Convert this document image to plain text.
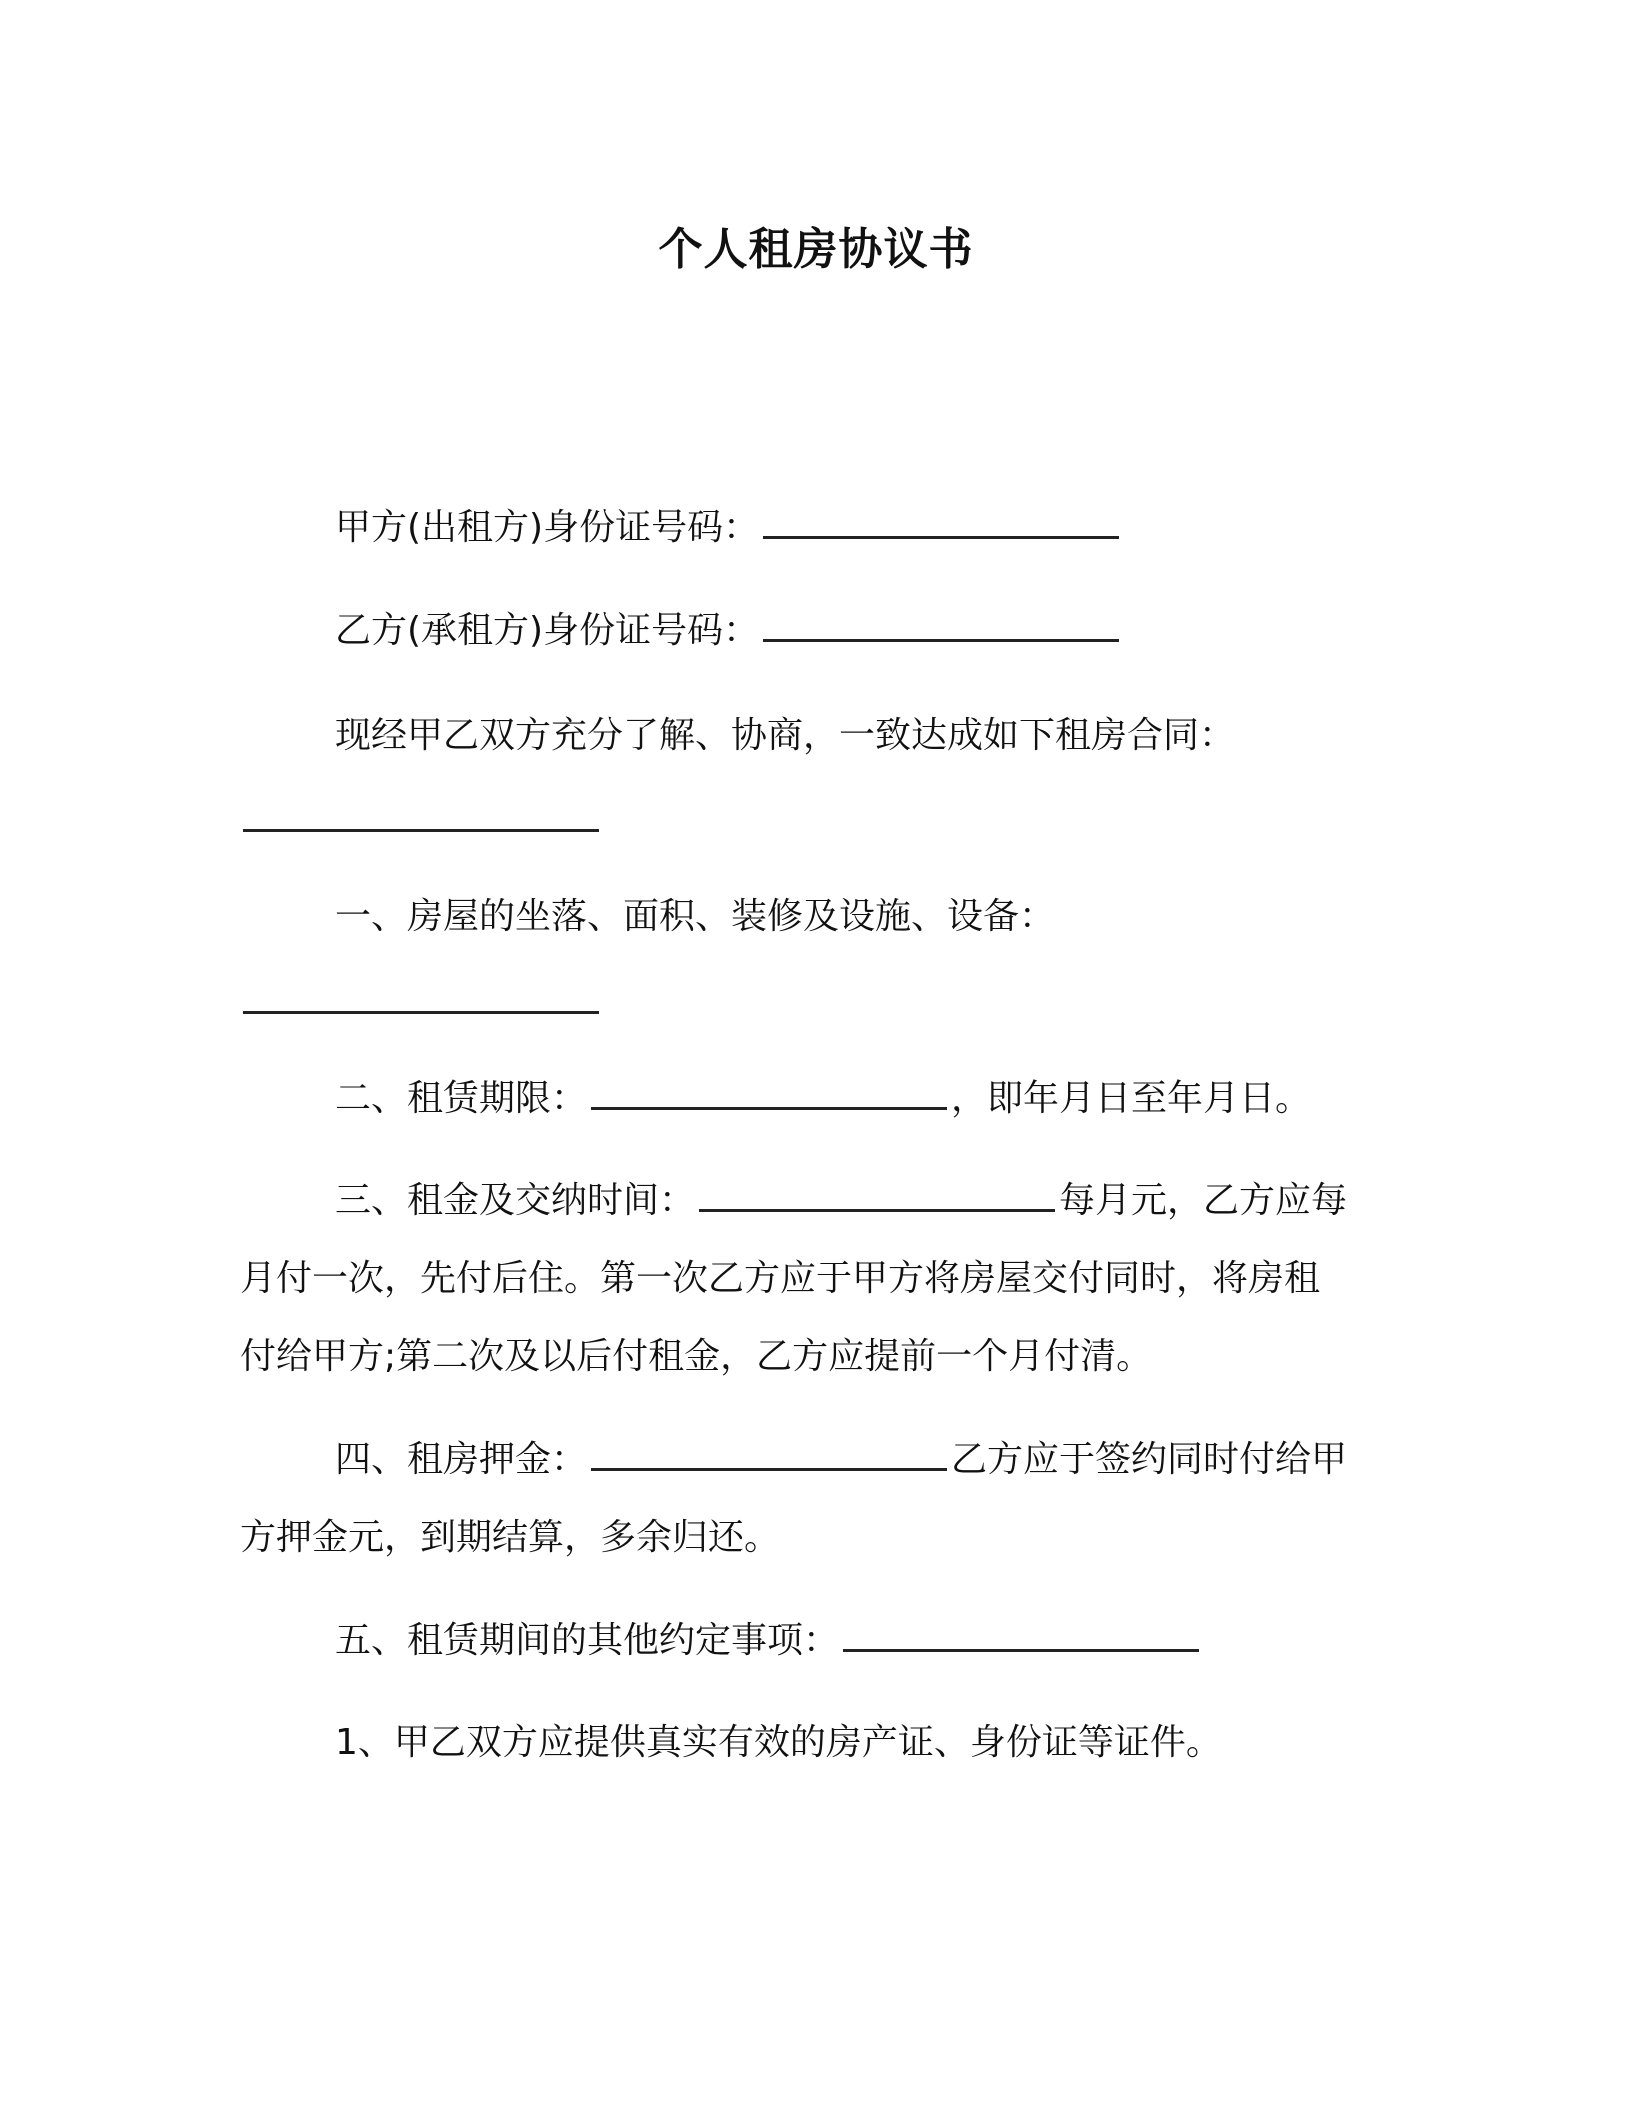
个人租房协议书
甲方(出租方)身份证号码：
乙方(承租方)身份证号码：
现经甲乙双方充分了解、协商，一致达成如下租房合同：
一、房屋的坐落、面积、装修及设施、设备：
二、租赁期限：	，即年月日至年月日。
三、租金及交纳时间：	每月元，乙方应每
月付一次，先付后住。第一次乙方应于甲方将房屋交付同时，将房租
付给甲方;第二次及以后付租金，乙方应提前一个月付清。
四、租房押金：	乙方应于签约同时付给甲
方押金元，到期结算，多余归还。
五、租赁期间的其他约定事项：
1、甲乙双方应提供真实有效的房产证、身份证等证件。
